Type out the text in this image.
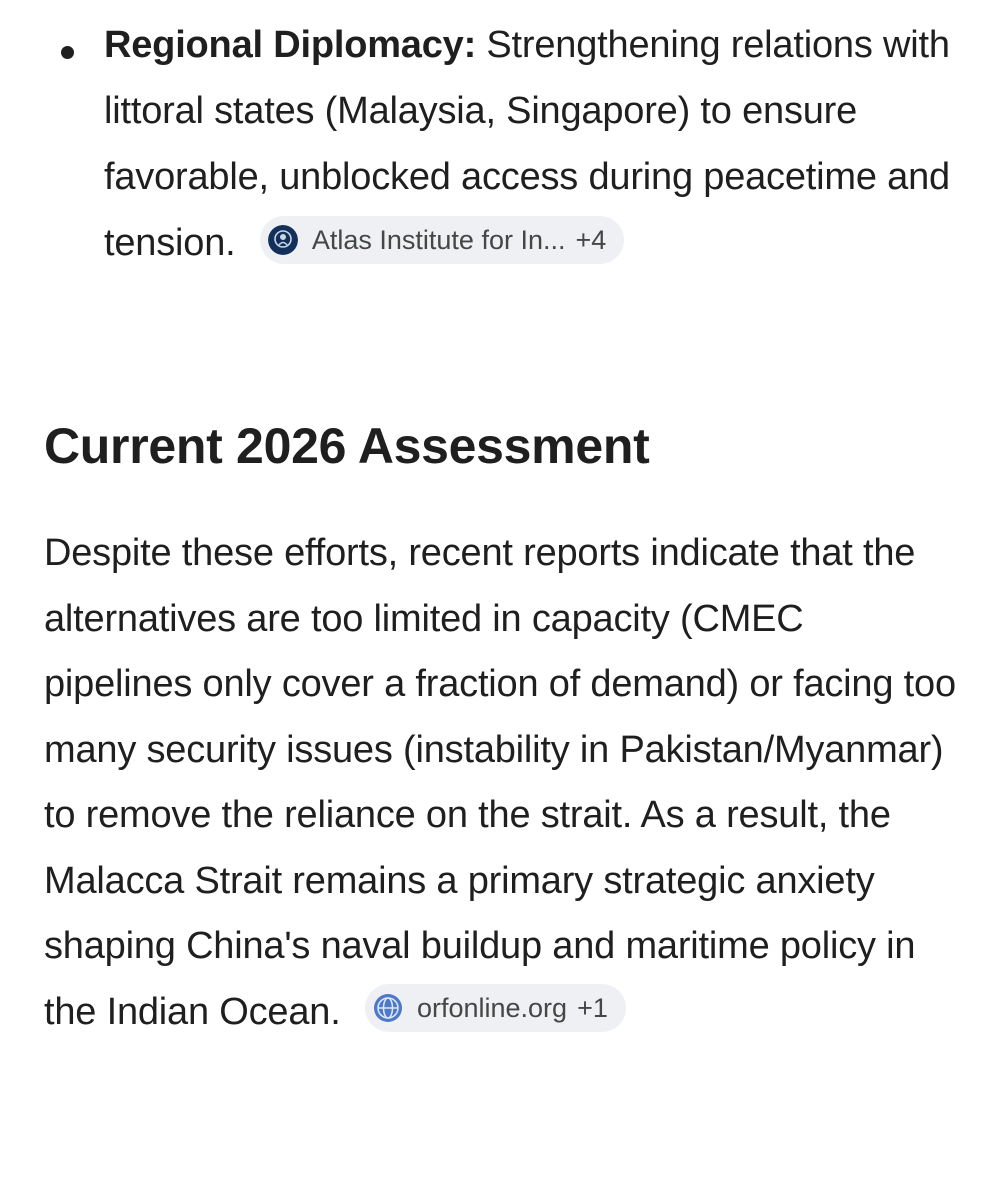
Regional Diplomacy: Strengthening relations with littoral states (Malaysia, Singapore) to ensure favorable, unblocked access during peacetime and tension.	Atlas Institute for In... +4
Current 2026 Assessment

Despite these efforts, recent reports indicate that the alternatives are too limited in capacity (CMEC pipelines only cover a fraction of demand) or facing too many security issues (instability in Pakistan/Myanmar) to remove the reliance on the strait. As a result, the Malacca Strait remains a primary strategic anxiety shaping China's naval buildup and maritime policy in the Indian Ocean.	orfonline.org +1
